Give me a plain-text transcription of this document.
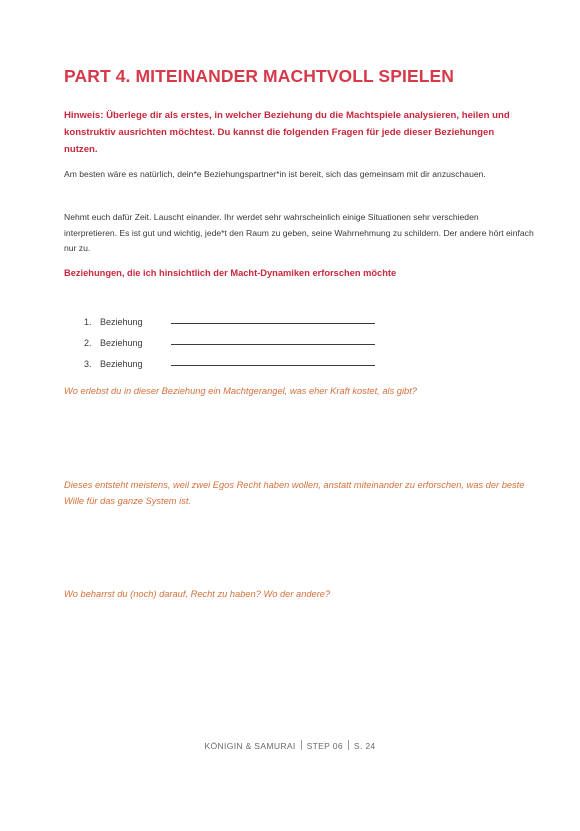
PART 4. MITEINANDER MACHTVOLL SPIELEN

Hinweis: Überlege dir als erstes, in welcher Beziehung du die Machtspiele analysieren, heilen und konstruktiv ausrichten möchtest. Du kannst die folgenden Fragen für jede dieser Beziehungen nutzen.

Am besten wäre es natürlich, dein*e Beziehungspartner*in ist bereit, sich das gemeinsam mit dir anzuschauen.

Nehmt euch dafür Zeit. Lauscht einander. Ihr werdet sehr wahrscheinlich einige Situationen sehr verschieden interpretieren. Es ist gut und wichtig, jede*t den Raum zu geben, seine Wahrnehmung zu schildern. Der andere hört einfach nur zu.

Beziehungen, die ich hinsichtlich der Macht-Dynamiken erforschen möchte
1. Beziehung
2. Beziehung
3. Beziehung

Wo erlebst du in dieser Beziehung ein Machtgerangel, was eher Kraft kostet, als gibt?

Dieses entsteht meistens, weil zwei Egos Recht haben wollen, anstatt miteinander zu erforschen, was der beste Wille für das ganze System ist.

Wo beharrst du (noch) darauf, Recht zu haben? Wo der andere?

KÖNIGIN & SAMURAI STEP 06 S. 24
